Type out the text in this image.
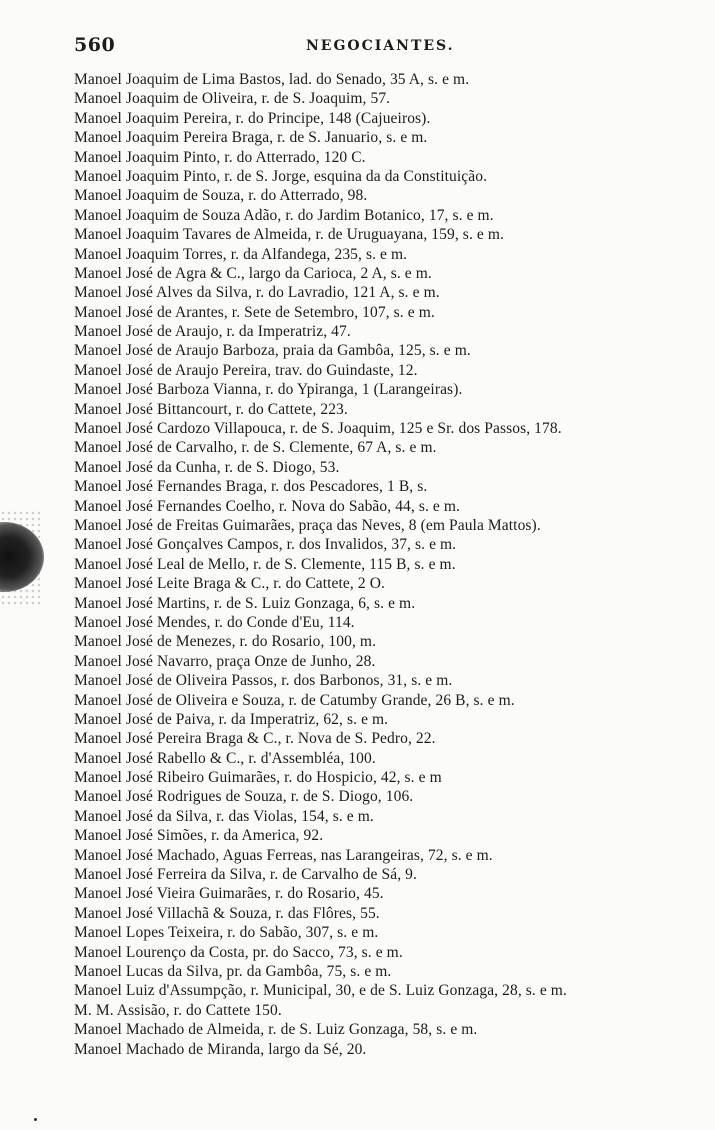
560	NEGOCIANTES.
Manoel Joaquim de Lima Bastos, lad. do Senado, 35 A, s. e m.
Manoel Joaquim de Oliveira, r. de S. Joaquim, 57.
Manoel Joaquim Pereira, r. do Principe, 148 (Cajueiros).
Manoel Joaquim Pereira Braga, r. de S. Januario, s. e m.
Manoel Joaquim Pinto, r. do Atterrado, 120 C.
Manoel Joaquim Pinto, r. de S. Jorge, esquina da da Constituição.
Manoel Joaquim de Souza, r. do Atterrado, 98.
Manoel Joaquim de Souza Adão, r. do Jardim Botanico, 17, s. e m.
Manoel Joaquim Tavares de Almeida, r. de Uruguayana, 159, s. e m.
Manoel Joaquim Torres, r. da Alfandega, 235, s. e m.
Manoel José de Agra & C., largo da Carioca, 2 A, s. e m.
Manoel José Alves da Silva, r. do Lavradio, 121 A, s. e m.
Manoel José de Arantes, r. Sete de Setembro, 107, s. e m.
Manoel José de Araujo, r. da Imperatriz, 47.
Manoel José de Araujo Barboza, praia da Gambôa, 125, s. e m.
Manoel José de Araujo Pereira, trav. do Guindaste, 12.
Manoel José Barboza Vianna, r. do Ypiranga, 1 (Larangeiras).
Manoel José Bittancourt, r. do Cattete, 223.
Manoel José Cardozo Villapouca, r. de S. Joaquim, 125 e Sr. dos Passos, 178.
Manoel José de Carvalho, r. de S. Clemente, 67 A, s. e m.
Manoel José da Cunha, r. de S. Diogo, 53.
Manoel José Fernandes Braga, r. dos Pescadores, 1 B, s.
Manoel José Fernandes Coelho, r. Nova do Sabão, 44, s. e m.
Manoel José de Freitas Guimarães, praça das Neves, 8 (em Paula Mattos).
Manoel José Gonçalves Campos, r. dos Invalidos, 37, s. e m.
Manoel José Leal de Mello, r. de S. Clemente, 115 B, s. e m.
Manoel José Leite Braga & C., r. do Cattete, 2 O.
Manoel José Martins, r. de S. Luiz Gonzaga, 6, s. e m.
Manoel José Mendes, r. do Conde d'Eu, 114.
Manoel José de Menezes, r. do Rosario, 100, m.
Manoel José Navarro, praça Onze de Junho, 28.
Manoel José de Oliveira Passos, r. dos Barbonos, 31, s. e m.
Manoel José de Oliveira e Souza, r. de Catumby Grande, 26 B, s. e m.
Manoel José de Paiva, r. da Imperatriz, 62, s. e m.
Manoel José Pereira Braga & C., r. Nova de S. Pedro, 22.
Manoel José Rabello & C., r. d'Assembléa, 100.
Manoel José Ribeiro Guimarães, r. do Hospicio, 42, s. e m
Manoel José Rodrigues de Souza, r. de S. Diogo, 106.
Manoel José da Silva, r. das Violas, 154, s. e m.
Manoel José Simões, r. da America, 92.
Manoel José Machado, Aguas Ferreas, nas Larangeiras, 72, s. e m.
Manoel José Ferreira da Silva, r. de Carvalho de Sá, 9.
Manoel José Vieira Guimarães, r. do Rosario, 45.
Manoel José Villachã & Souza, r. das Flôres, 55.
Manoel Lopes Teixeira, r. do Sabão, 307, s. e m.
Manoel Lourenço da Costa, pr. do Sacco, 73, s. e m.
Manoel Lucas da Silva, pr. da Gambôa, 75, s. e m.
Manoel Luiz d'Assumpção, r. Municipal, 30, e de S. Luiz Gonzaga, 28, s. e m.
M. M. Assisão, r. do Cattete 150.
Manoel Machado de Almeida, r. de S. Luiz Gonzaga, 58, s. e m.
Manoel Machado de Miranda, largo da Sé, 20.
